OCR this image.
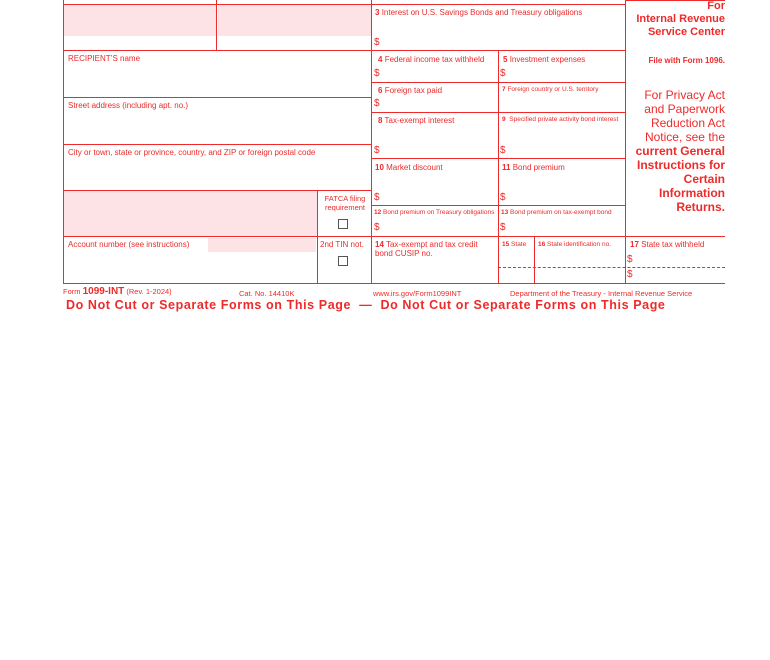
3 Interest on U.S. Savings Bonds and Treasury obligations
$
RECIPIENT’S name
Street address (including apt. no.)
City or town, state or province, country, and ZIP or foreign postal code
4 Federal income tax withheld
$
5 Investment expenses
$
6 Foreign tax paid
$
7 Foreign country or U.S. territory
8 Tax-exempt interest
$
9 Specified private activity bond interest
$
10 Market discount
$
11 Bond premium
$
FATCA filing requirement
12 Bond premium on Treasury obligations
$
13 Bond premium on tax-exempt bond
$
Account number (see instructions)	2nd TIN not. 14 Tax-exempt and tax credit bond CUSIP no.
15 State 16 State identification no. 17 State tax withheld
$
$
For
Internal Revenue
Service Center
File with Form 1096.
For Privacy Act
and Paperwork
Reduction Act
Notice, see the
current General
Instructions for
Certain
Information
Returns.
Form 1099-INT (Rev. 1-2024)	Cat. No. 14410K	www.irs.gov/Form1099INT	Department of the Treasury - Internal Revenue Service
Do Not Cut or Separate Forms on This Page  —  Do Not Cut or Separate Forms on This Page
